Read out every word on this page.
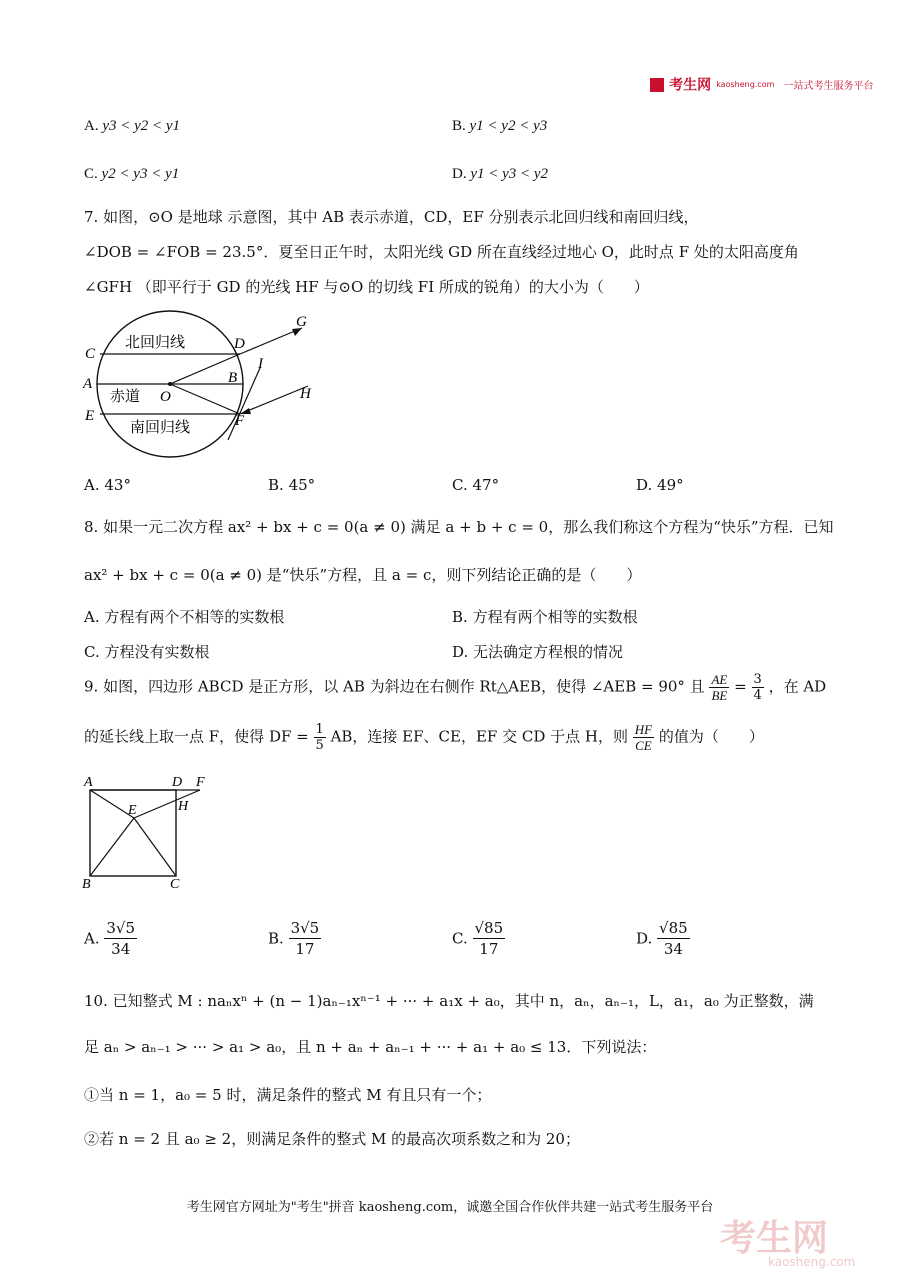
考生网 kaosheng.com 一站式考生服务平台
A. y3 < y2 < y1	B. y1 < y2 < y3
C. y2 < y3 < y1	D. y1 < y3 < y2
7. 如图，⊙O 是地球 示意图，其中 AB 表示赤道，CD，EF 分别表示北回归线和南回归线，
∠DOB = ∠FOB = 23.5°．夏至日正午时，太阳光线 GD 所在直线经过地心 O，此时点 F 处的太阳高度角
∠GFH （即平行于 GD 的光线 HF 与⊙O 的切线 FI 所成的锐角）的大小为（　　）
北回归线
赤道
南回归线
C
D
A	B
O
E	F
G
I
H
A. 43°	B. 45°	C. 47°	D. 49°
8. 如果一元二次方程 ax² + bx + c = 0(a ≠ 0) 满足 a + b + c = 0，那么我们称这个方程为“快乐”方程．已知
ax² + bx + c = 0(a ≠ 0) 是“快乐”方程，且 a = c，则下列结论正确的是（　　）
A. 方程有两个不相等的实数根	B. 方程有两个相等的实数根
C. 方程没有实数根	D. 无法确定方程根的情况
9. 如图，四边形 ABCD 是正方形，以 AB 为斜边在右侧作 Rt△AEB，使得 ∠AEB = 90° 且 $\frac{AE}{BE} = \frac{3}{4}$ ，在 AD
的延长线上取一点 F，使得 DF = $\frac{1}{5}$ AB，连接 EF、CE，EF 交 CD 于点 H，则 $\frac{HF}{CE}$ 的值为（　　）
A	D F
E	H
B	C
A. $\frac{3√5}{34}$	B. $\frac{3√5}{17}$	C. $\frac{√85}{17}$	D. $\frac{√85}{34}$
10. 已知整式 M : naₙxⁿ + (n − 1)aₙ₋₁xⁿ⁻¹ + ··· + a₁x + a₀，其中 n，aₙ，aₙ₋₁，L，a₁，a₀ 为正整数，满
足 aₙ > aₙ₋₁ > ··· > a₁ > a₀，且 n + aₙ + aₙ₋₁ + ··· + a₁ + a₀ ≤ 13．下列说法：
①当 n = 1，a₀ = 5 时，满足条件的整式 M 有且只有一个；
②若 n = 2 且 a₀ ≥ 2，则满足条件的整式 M 的最高次项系数之和为 20；
考生网官方网址为"考生"拼音 kaosheng.com，诚邀全国合作伙伴共建一站式考生服务平台
考生网
kaosheng.com
